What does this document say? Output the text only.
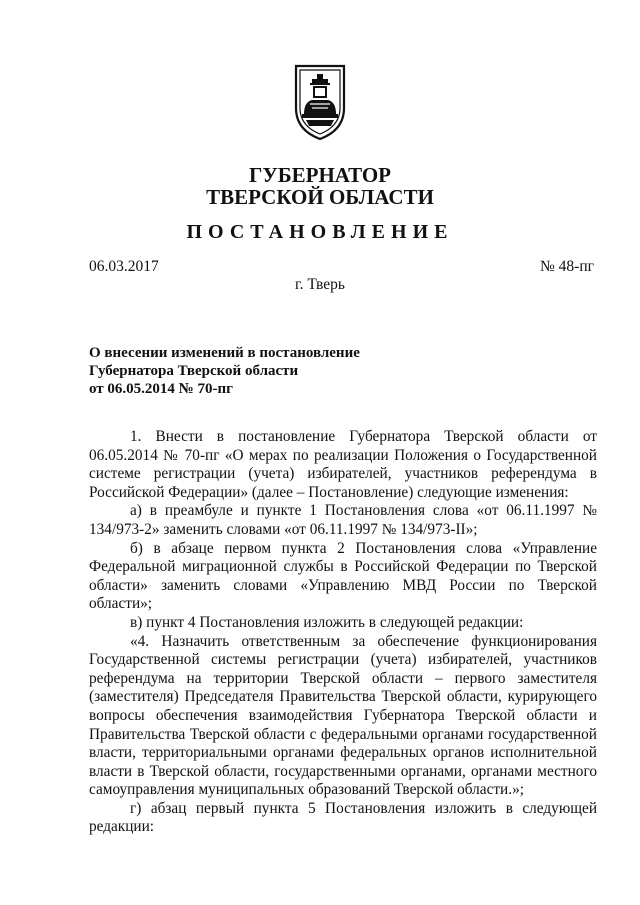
ГУБЕРНАТОР
ТВЕРСКОЙ ОБЛАСТИ
ПОСТАНОВЛЕНИЕ
06.03.2017	№ 48-пг
г. Тверь
О внесении изменений в постановление
Губернатора Тверской области
от 06.05.2014 № 70-пг

1. Внести в постановление Губернатора Тверской области от 06.05.2014 № 70-пг «О мерах по реализации Положения о Государственной системе регистрации (учета) избирателей, участников референдума в Российской Федерации» (далее – Постановление) следующие изменения:

а) в преамбуле и пункте 1 Постановления слова «от 06.11.1997 № 134/973-2» заменить словами «от 06.11.1997 № 134/973-II»;

б) в абзаце первом пункта 2 Постановления слова «Управление Федеральной миграционной службы в Российской Федерации по Тверской области» заменить словами «Управлению МВД России по Тверской области»;

в) пункт 4 Постановления изложить в следующей редакции:

«4. Назначить ответственным за обеспечение функционирования Государственной системы регистрации (учета) избирателей, участников референдума на территории Тверской области – первого заместителя (заместителя) Председателя Правительства Тверской области, курирующего вопросы обеспечения взаимодействия Губернатора Тверской области и Правительства Тверской области с федеральными органами государственной власти, территориальными органами федеральных органов исполнительной власти в Тверской области, государственными органами, органами местного самоуправления муниципальных образований Тверской области.»;

г) абзац первый пункта 5 Постановления изложить в следующей редакции:
